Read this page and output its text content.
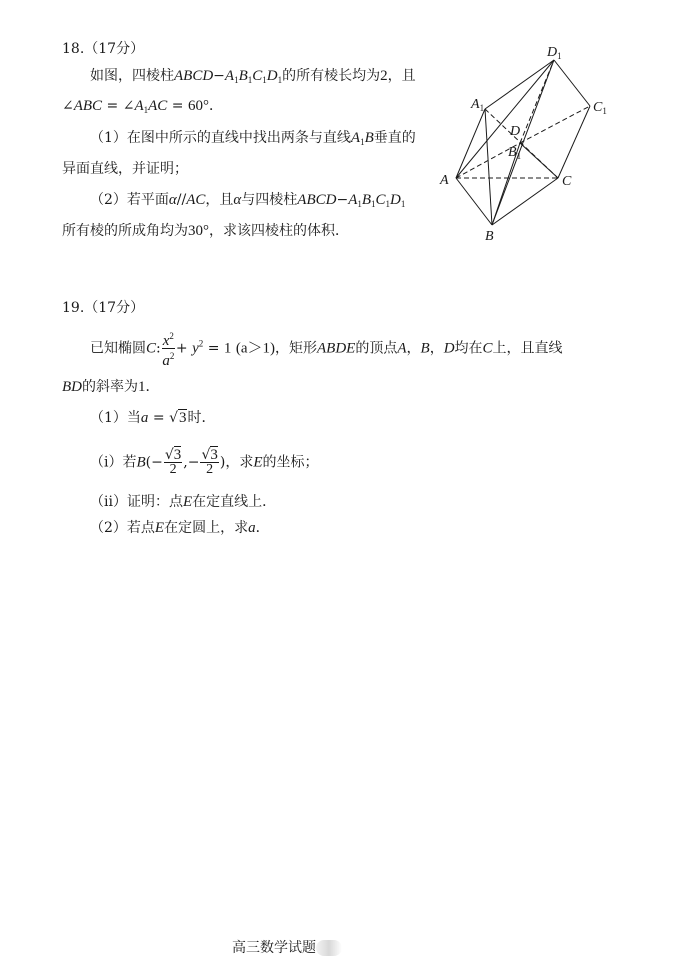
18.（17分）
如图，四棱柱$ABCD-A_1B_1C_1D_1$的所有棱长均为2，且
∠ABC = $\angle A_1AC = 60^\circ$．
（1）在图中所示的直线中找出两条与直线$A_1B$垂直的
异面直线，并证明；
（2）若平面α//AC，且α与四棱柱$ABCD-A_1B_1C_1D_1$
所有棱的所成角均为30°，求该四棱柱的体积．
A
B
C
D
$A_1$
$B_1$
$C_1$
$D_1$
19.（17分）
已知椭圆C: $\frac{x^2}{a^2} + y^2 = 1$ (a＞1)，矩形ABDE的顶点A，B，D均在C上，且直线
BD的斜率为1．
（1）当a = √3时．
（i）若$B(- \frac{√3}{2}$ ,− $\frac{√3}{2}$ )，求E的坐标；
（ii）证明：点E在定直线上．
（2）若点E在定圆上，求a．
高三数学试题
